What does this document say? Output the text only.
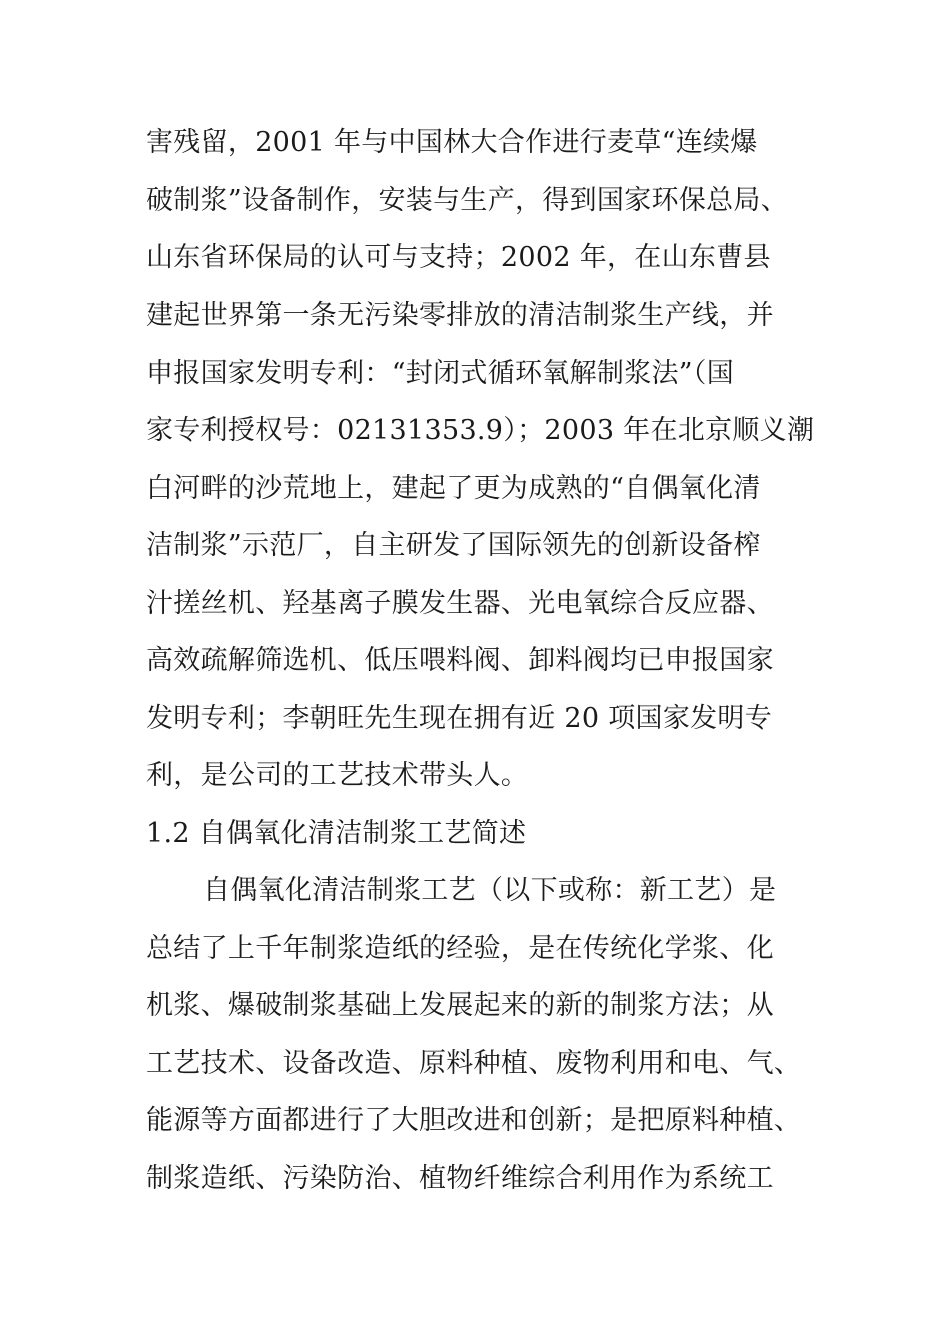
害残留，2001 年与中国林大合作进行麦草“连续爆

破制浆”设备制作，安装与生产，得到国家环保总局、

山东省环保局的认可与支持；2002 年，在山东曹县

建起世界第一条无污染零排放的清洁制浆生产线，并

申报国家发明专利：“封闭式循环氧解制浆法”（国

家专利授权号：02131353.9）；2003 年在北京顺义潮

白河畔的沙荒地上，建起了更为成熟的“自偶氧化清

洁制浆”示范厂，自主研发了国际领先的创新设备榨

汁搓丝机、羟基离子膜发生器、光电氧综合反应器、

高效疏解筛选机、低压喂料阀、卸料阀均已申报国家

发明专利；李朝旺先生现在拥有近 20 项国家发明专

利，是公司的工艺技术带头人。

1.2 自偶氧化清洁制浆工艺简述

自偶氧化清洁制浆工艺（以下或称：新工艺）是

总结了上千年制浆造纸的经验，是在传统化学浆、化

机浆、爆破制浆基础上发展起来的新的制浆方法；从

工艺技术、设备改造、原料种植、废物利用和电、气、

能源等方面都进行了大胆改进和创新；是把原料种植、

制浆造纸、污染防治、植物纤维综合利用作为系统工
